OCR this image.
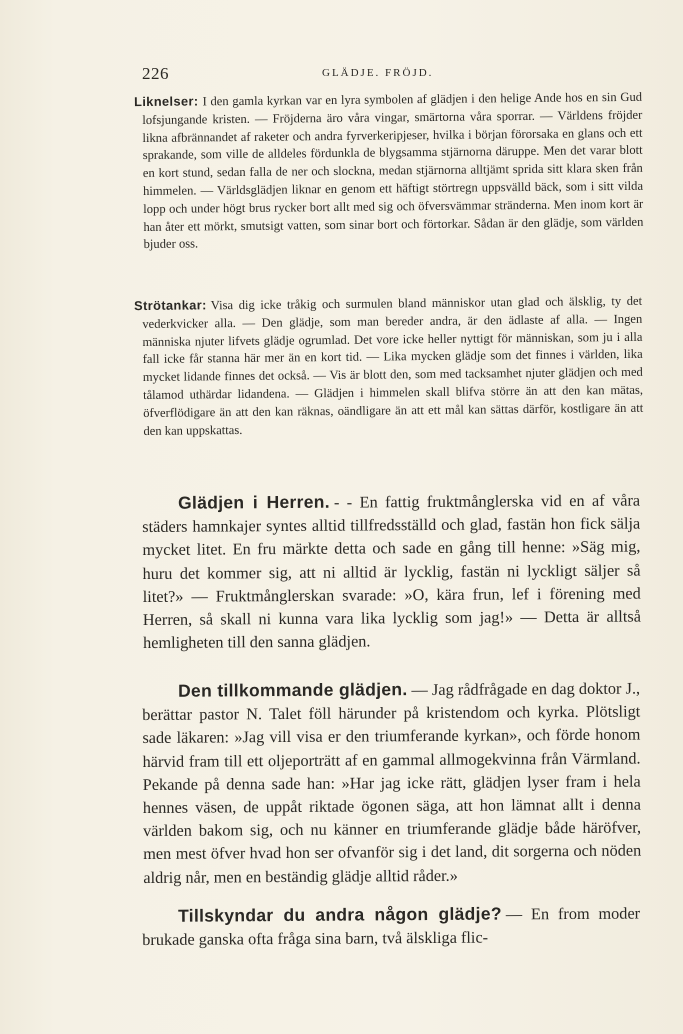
226	GLÄDJE. FRÖJD.

Liknelser: I den gamla kyrkan var en lyra symbolen af glädjen i den helige Ande hos en sin Gud lofsjungande kristen. — Fröjderna äro våra vingar, smärtorna våra sporrar. — Världens fröjder likna afbrännandet af raketer och andra fyrverkeripjeser, hvilka i början förorsaka en glans och ett sprakande, som ville de alldeles fördunkla de blygsamma stjärnorna däruppe. Men det varar blott en kort stund, sedan falla de ner och slockna, medan stjärnorna alltjämt sprida sitt klara sken från himmelen. — Världsglädjen liknar en genom ett häftigt störtregn uppsvälld bäck, som i sitt vilda lopp och under högt brus rycker bort allt med sig och öfversvämmar stränderna. Men inom kort är han åter ett mörkt, smutsigt vatten, som sinar bort och förtorkar. Sådan är den glädje, som världen bjuder oss.

Strötankar: Visa dig icke tråkig och surmulen bland människor utan glad och älsklig, ty det vederkvicker alla. — Den glädje, som man bereder andra, är den ädlaste af alla. — Ingen människa njuter lifvets glädje ogrumlad. Det vore icke heller nyttigt för människan, som ju i alla fall icke får stanna här mer än en kort tid. — Lika mycken glädje som det finnes i världen, lika mycket lidande finnes det också. — Vis är blott den, som med tacksamhet njuter glädjen och med tålamod uthärdar lidandena. — Glädjen i himmelen skall blifva större än att den kan mätas, öfverflödigare än att den kan räknas, oändligare än att ett mål kan sättas därför, kostligare än att den kan uppskattas.

Glädjen i Herren. - - En fattig fruktmånglerska vid en af våra städers hamnkajer syntes alltid tillfredsställd och glad, fastän hon fick sälja mycket litet. En fru märkte detta och sade en gång till henne: »Säg mig, huru det kommer sig, att ni alltid är lycklig, fastän ni lyckligt säljer så litet?» — Fruktmånglerskan svarade: »O, kära frun, lef i förening med Herren, så skall ni kunna vara lika lycklig som jag!» — Detta är alltså hemligheten till den sanna glädjen.

Den tillkommande glädjen. — Jag rådfrågade en dag doktor J., berättar pastor N. Talet föll härunder på kristendom och kyrka. Plötsligt sade läkaren: »Jag vill visa er den triumferande kyrkan», och förde honom härvid fram till ett oljeporträtt af en gammal allmogekvinna från Värmland. Pekande på denna sade han: »Har jag icke rätt, glädjen lyser fram i hela hennes väsen, de uppåt riktade ögonen säga, att hon lämnat allt i denna världen bakom sig, och nu känner en triumferande glädje både häröfver, men mest öfver hvad hon ser ofvanför sig i det land, dit sorgerna och nöden aldrig når, men en beständig glädje alltid råder.»

Tillskyndar du andra någon glädje? — En from moder brukade ganska ofta fråga sina barn, två älskliga flic-
